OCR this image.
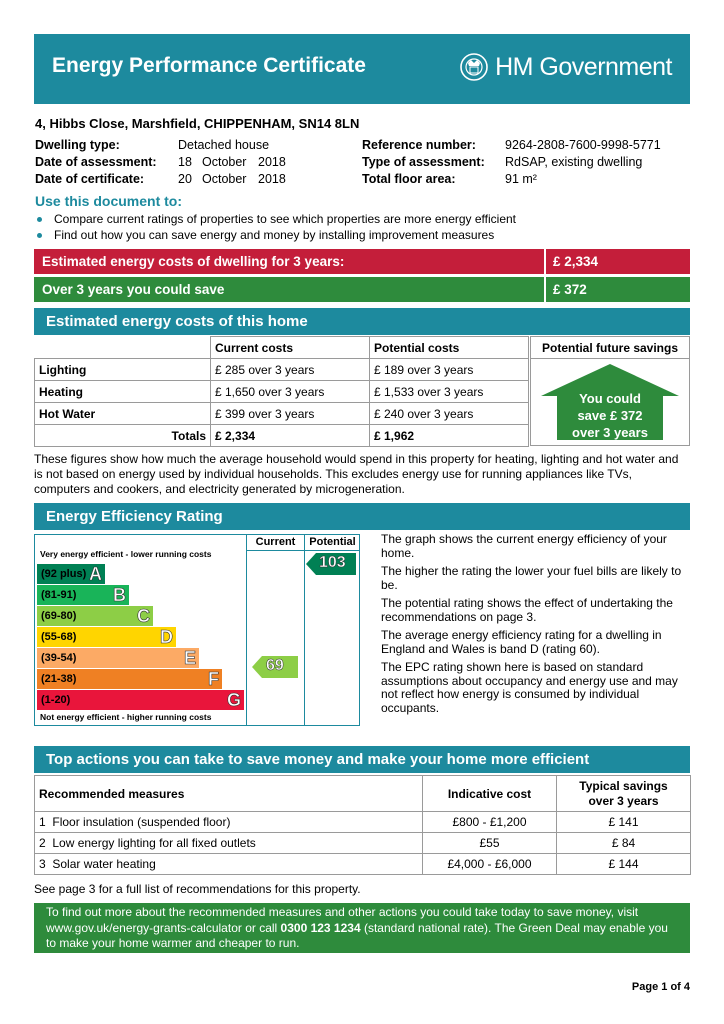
Energy Performance Certificate	HM Government
4, Hibbs Close, Marshfield, CHIPPENHAM, SN14 8LN
Dwelling type:	Detached house
Date of assessment: 18 October 2018
Date of certificate:	20 October 2018
Reference number: 9264-2808-7600-9998-5771
Type of assessment: RdSAP, existing dwelling
Total floor area:	91 m²
Use this document to:
Compare current ratings of properties to see which properties are more energy efficient
Find out how you can save energy and money by installing improvement measures
Estimated energy costs of dwelling for 3 years:	£ 2,334
Over 3 years you could save	£ 372
Estimated energy costs of this home
	Current costs	Potential costs
Lighting	£ 285 over 3 years	£ 189 over 3 years
Heating	£ 1,650 over 3 years	£ 1,533 over 3 years
Hot Water	£ 399 over 3 years	£ 240 over 3 years
Totals	£ 2,334	£ 1,962
Potential future savings
You could
save £ 372
over 3 years
These figures show how much the average household would spend in this property for heating, lighting and hot water and is not based on energy used by individual households. This excludes energy use for running appliances like TVs, computers and cookers, and electricity generated by microgeneration.
Energy Efficiency Rating
Current	Potential
Very energy efficient - lower running costs
Not energy efficient - higher running costs
(92 plus) A
(81-91) B
(69-80)	C
(55-68)	D
(39-54)	E
(21-38)	F
(1-20)	G
69
103

The graph shows the current energy efficiency of your home.

The higher the rating the lower your fuel bills are likely to be.

The potential rating shows the effect of undertaking the recommendations on page 3.

The average energy efficiency rating for a dwelling in England and Wales is band D (rating 60).

The EPC rating shown here is based on standard assumptions about occupancy and energy use and may not reflect how energy is consumed by individual occupants.

Top actions you can take to save money and make your home more efficient
Recommended measures	Indicative cost	Typical savings
over 3 years

1 Floor insulation (suspended floor)	£800 - £1,200	£ 141
2 Low energy lighting for all fixed outlets	£55	£ 84
3 Solar water heating	£4,000 - £6,000	£ 144
See page 3 for a full list of recommendations for this property.
To find out more about the recommended measures and other actions you could take today to save money, visit www.gov.uk/energy-grants-calculator or call 0300 123 1234 (standard national rate). The Green Deal may enable you to make your home warmer and cheaper to run.
Page 1 of 4
